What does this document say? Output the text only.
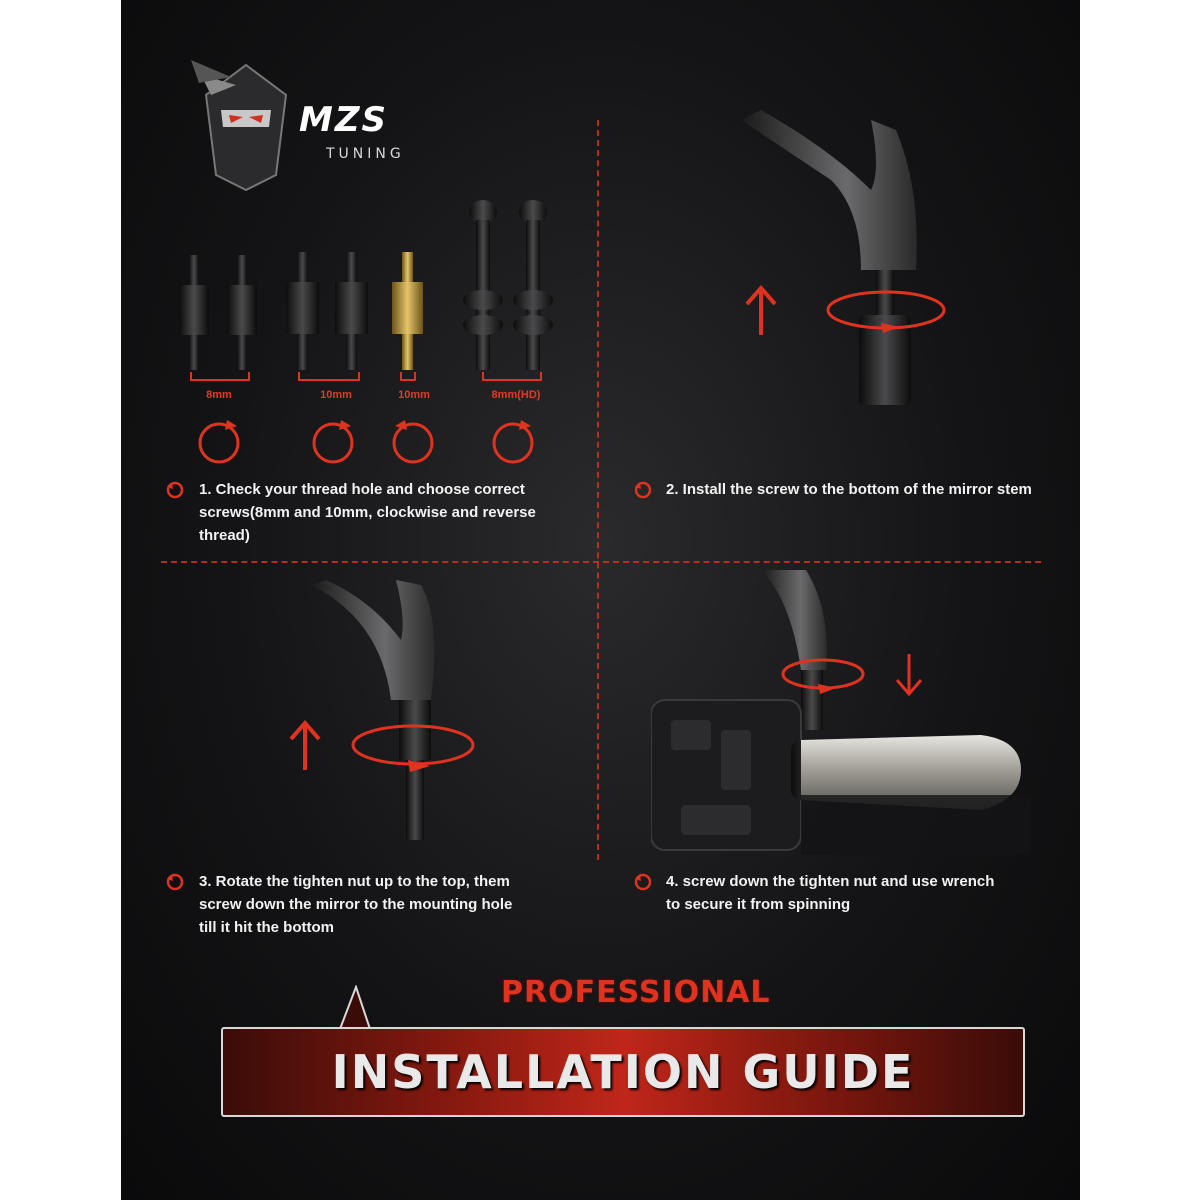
MZS
TUNING
8mm	10mm	10mm	8mm(HD)
1. Check your thread hole and choose correct
screws(8mm and 10mm, clockwise and reverse
thread)
2. Install the screw to the bottom of the mirror stem
3. Rotate the tighten nut up to the top, them
screw down the mirror to the mounting hole
till it hit the bottom
4. screw down the tighten nut and use wrench
to secure it from spinning
PROFESSIONAL
INSTALLATION GUIDE
